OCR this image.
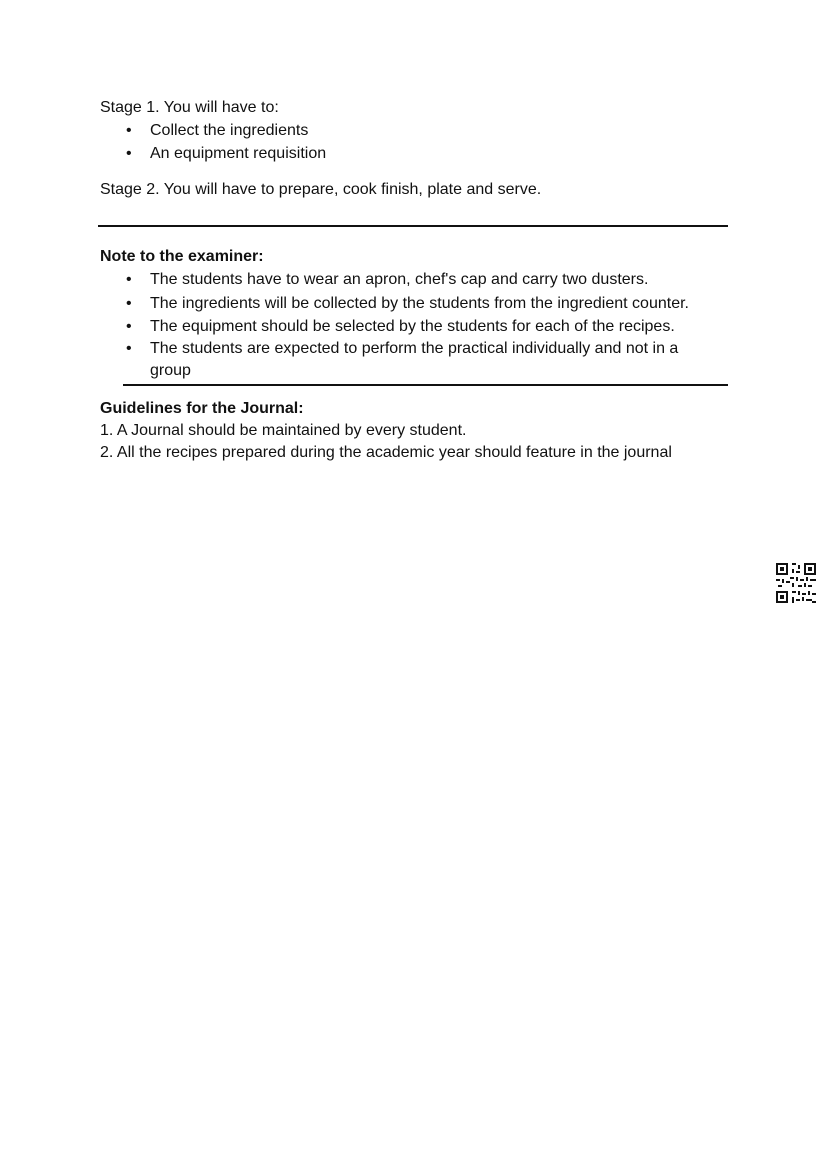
Stage 1. You will have to:
• Collect the ingredients
• An equipment requisition
Stage 2. You will have to prepare, cook finish, plate and serve.
Note to the examiner:
• The students have to wear an apron, chef's cap and carry two dusters.
• The ingredients will be collected by the students from the ingredient counter.
• The equipment should be selected by the students for each of the recipes.
• The students are expected to perform the practical individually and not in a
group
Guidelines for the Journal:
1. A Journal should be maintained by every student.
2. All the recipes prepared during the academic year should feature in the journal
